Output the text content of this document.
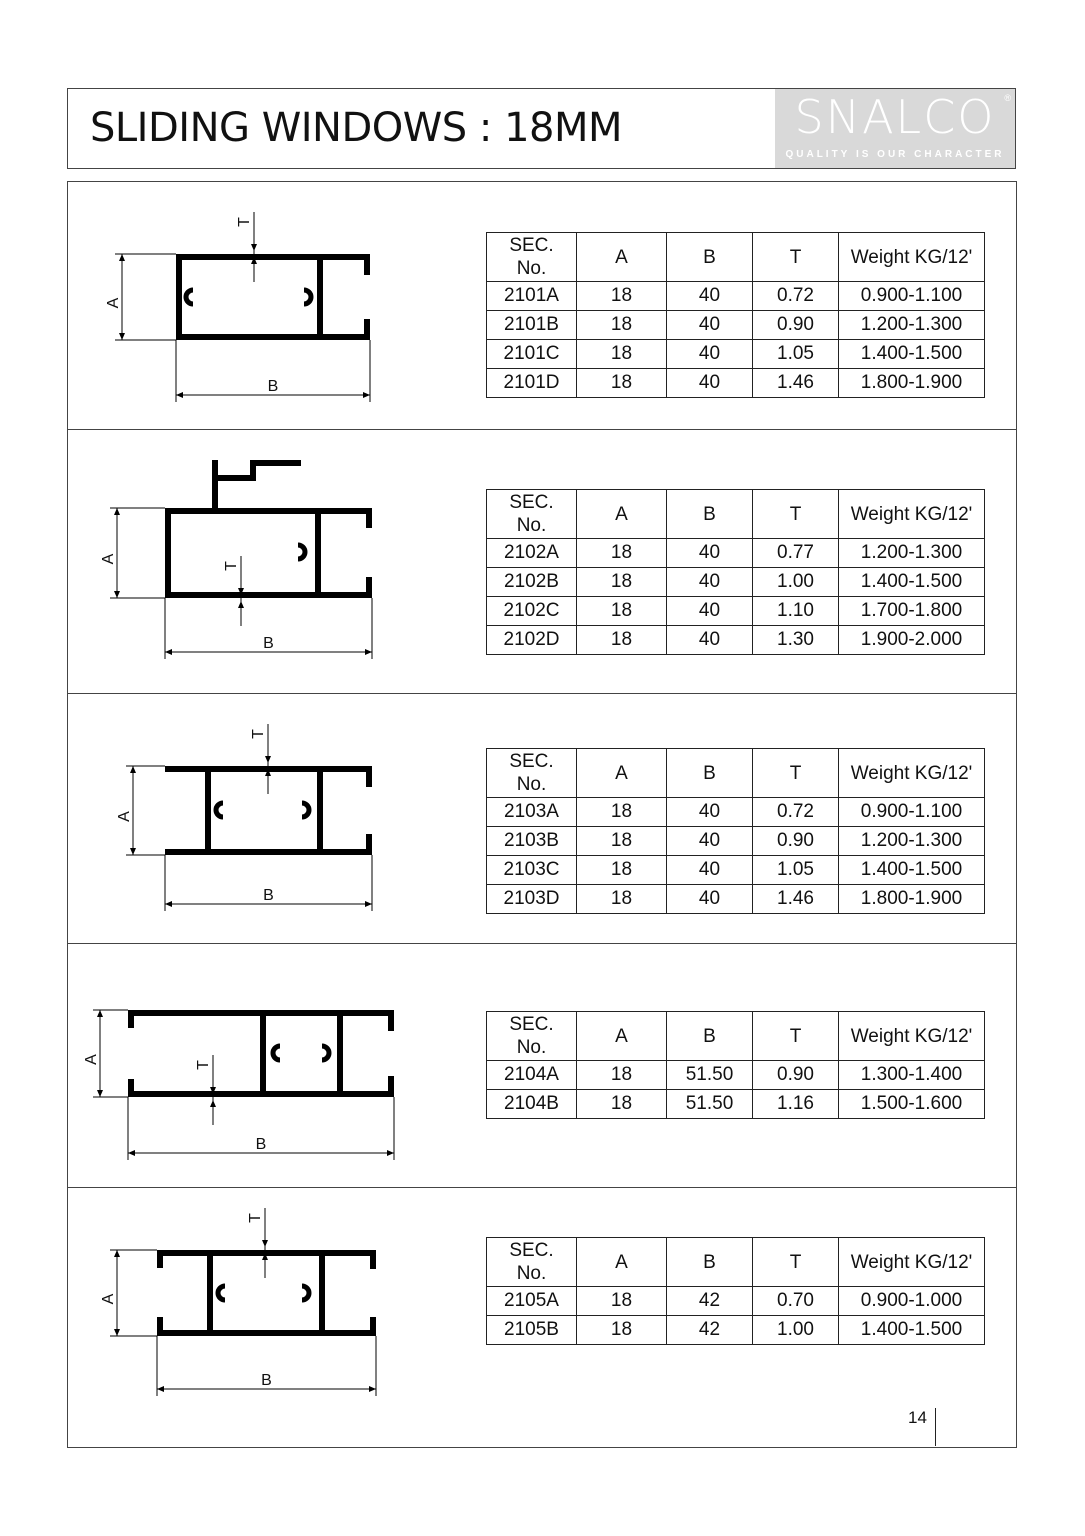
SLIDING WINDOWS : 18MM	SNALCO
QUALITY IS OUR CHARACTER
®
A
B
T
A
B
T
A
B
T
A
B
T
A
B
T
SEC.
No.	A	B	T	Weight KG/12'
2101A	18	40	0.72	0.900-1.100
2101B	18	40	0.90	1.200-1.300
2101C	18	40	1.05	1.400-1.500
2101D	18	40	1.46	1.800-1.900
SEC.
No.	A	B	T	Weight KG/12'
2102A	18	40	0.77	1.200-1.300
2102B	18	40	1.00	1.400-1.500
2102C	18	40	1.10	1.700-1.800
2102D	18	40	1.30	1.900-2.000
SEC.
No.	A	B	T	Weight KG/12'
2103A	18	40	0.72	0.900-1.100
2103B	18	40	0.90	1.200-1.300
2103C	18	40	1.05	1.400-1.500
2103D	18	40	1.46	1.800-1.900
SEC.
No.	A	B	T	Weight KG/12'
2104A	18	51.50	0.90	1.300-1.400
2104B	18	51.50	1.16	1.500-1.600
SEC.
No.	A	B	T	Weight KG/12'
2105A	18	42	0.70	0.900-1.000
2105B	18	42	1.00	1.400-1.500
14
